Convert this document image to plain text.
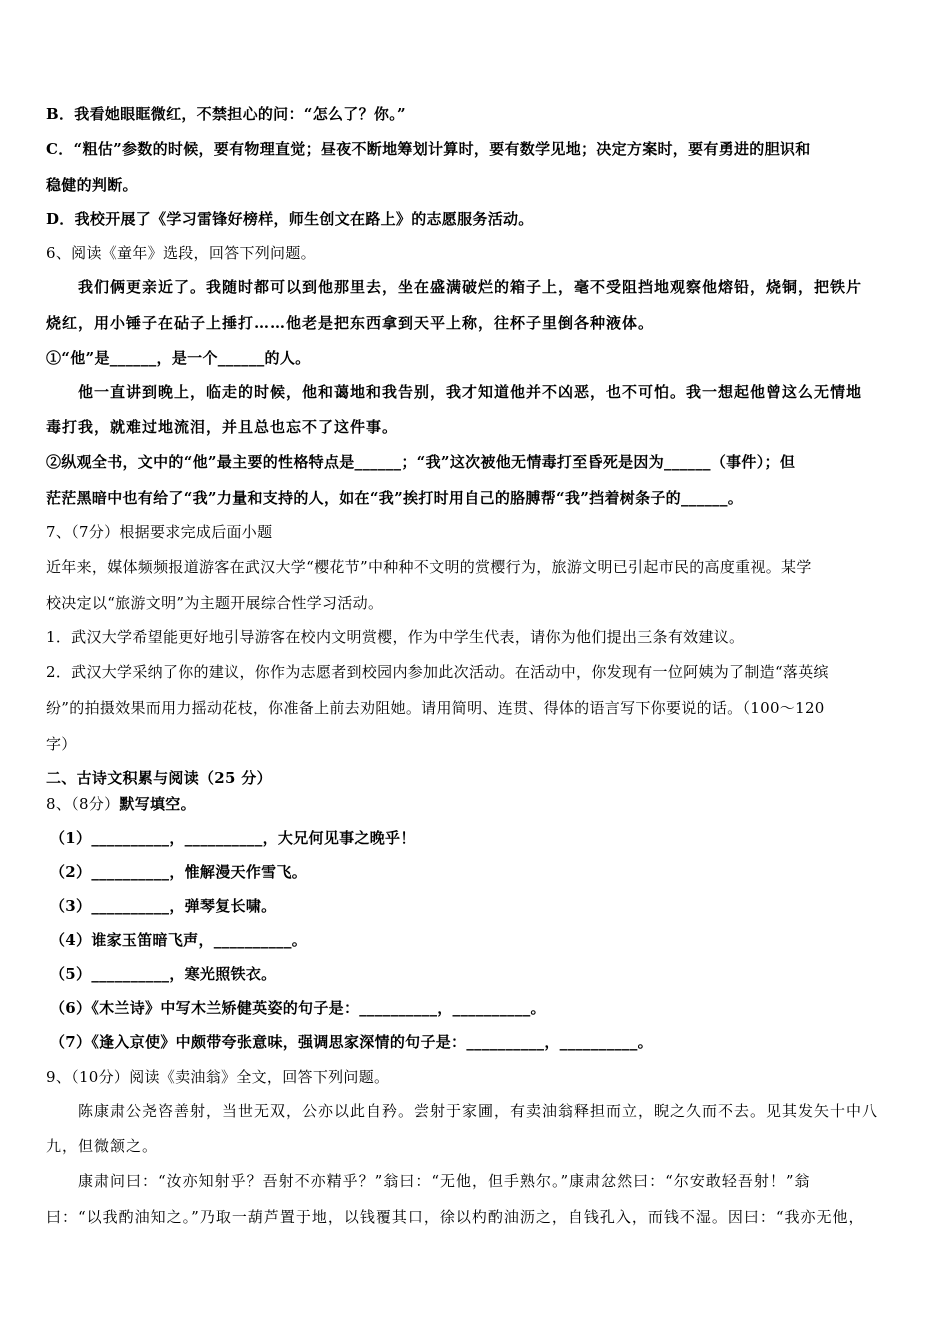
B．我看她眼眶微红，不禁担心的问：“怎么了？你。”
C．“粗估”参数的时候，要有物理直觉；昼夜不断地筹划计算时，要有数学见地；决定方案时，要有勇进的胆识和
稳健的判断。
D．我校开展了《学习雷锋好榜样，师生创文在路上》的志愿服务活动。
6、阅读《童年》选段，回答下列问题。
我们俩更亲近了。我随时都可以到他那里去，坐在盛满破烂的箱子上，毫不受阻挡地观察他熔铅，烧铜，把铁片
烧红，用小锤子在砧子上捶打……他老是把东西拿到天平上称，往杯子里倒各种液体。
①“他”是______，是一个______的人。
他一直讲到晚上，临走的时候，他和蔼地和我告别，我才知道他并不凶恶，也不可怕。我一想起他曾这么无情地
毒打我，就难过地流泪，并且总也忘不了这件事。
②纵观全书，文中的“他”最主要的性格特点是______；“我”这次被他无情毒打至昏死是因为______（事件）；但
茫茫黑暗中也有给了“我”力量和支持的人，如在“我”挨打时用自己的胳膊帮“我”挡着树条子的______。
7、（7分）根据要求完成后面小题
近年来，媒体频频报道游客在武汉大学“樱花节”中种种不文明的赏樱行为，旅游文明已引起市民的高度重视。某学
校决定以“旅游文明”为主题开展综合性学习活动。
1．武汉大学希望能更好地引导游客在校内文明赏樱，作为中学生代表，请你为他们提出三条有效建议。
2．武汉大学采纳了你的建议，你作为志愿者到校园内参加此次活动。在活动中，你发现有一位阿姨为了制造“落英缤
纷”的拍摄效果而用力摇动花枝，你准备上前去劝阻她。请用简明、连贯、得体的语言写下你要说的话。（100～120
字）
二、古诗文积累与阅读（25 分）
8、（8分）默写填空。
（1）__________，__________，大兄何见事之晚乎！
（2）__________，惟解漫天作雪飞。
（3）__________，弹琴复长啸。
（4）谁家玉笛暗飞声，__________。
（5）__________，寒光照铁衣。
（6）《木兰诗》中写木兰矫健英姿的句子是：__________，__________。
（7）《逢入京使》中颇带夸张意味，强调思家深情的句子是：__________，__________。
9、（10分）阅读《卖油翁》全文，回答下列问题。
陈康肃公尧咨善射，当世无双，公亦以此自矜。尝射于家圃，有卖油翁释担而立，睨之久而不去。见其发矢十中八
九，但微颔之。
康肃问曰：“汝亦知射乎？吾射不亦精乎？”翁曰：“无他，但手熟尔。”康肃忿然曰：“尔安敢轻吾射！”翁
曰：“以我酌油知之。”乃取一葫芦置于地，以钱覆其口，徐以杓酌油沥之，自钱孔入，而钱不湿。因曰：“我亦无他，
